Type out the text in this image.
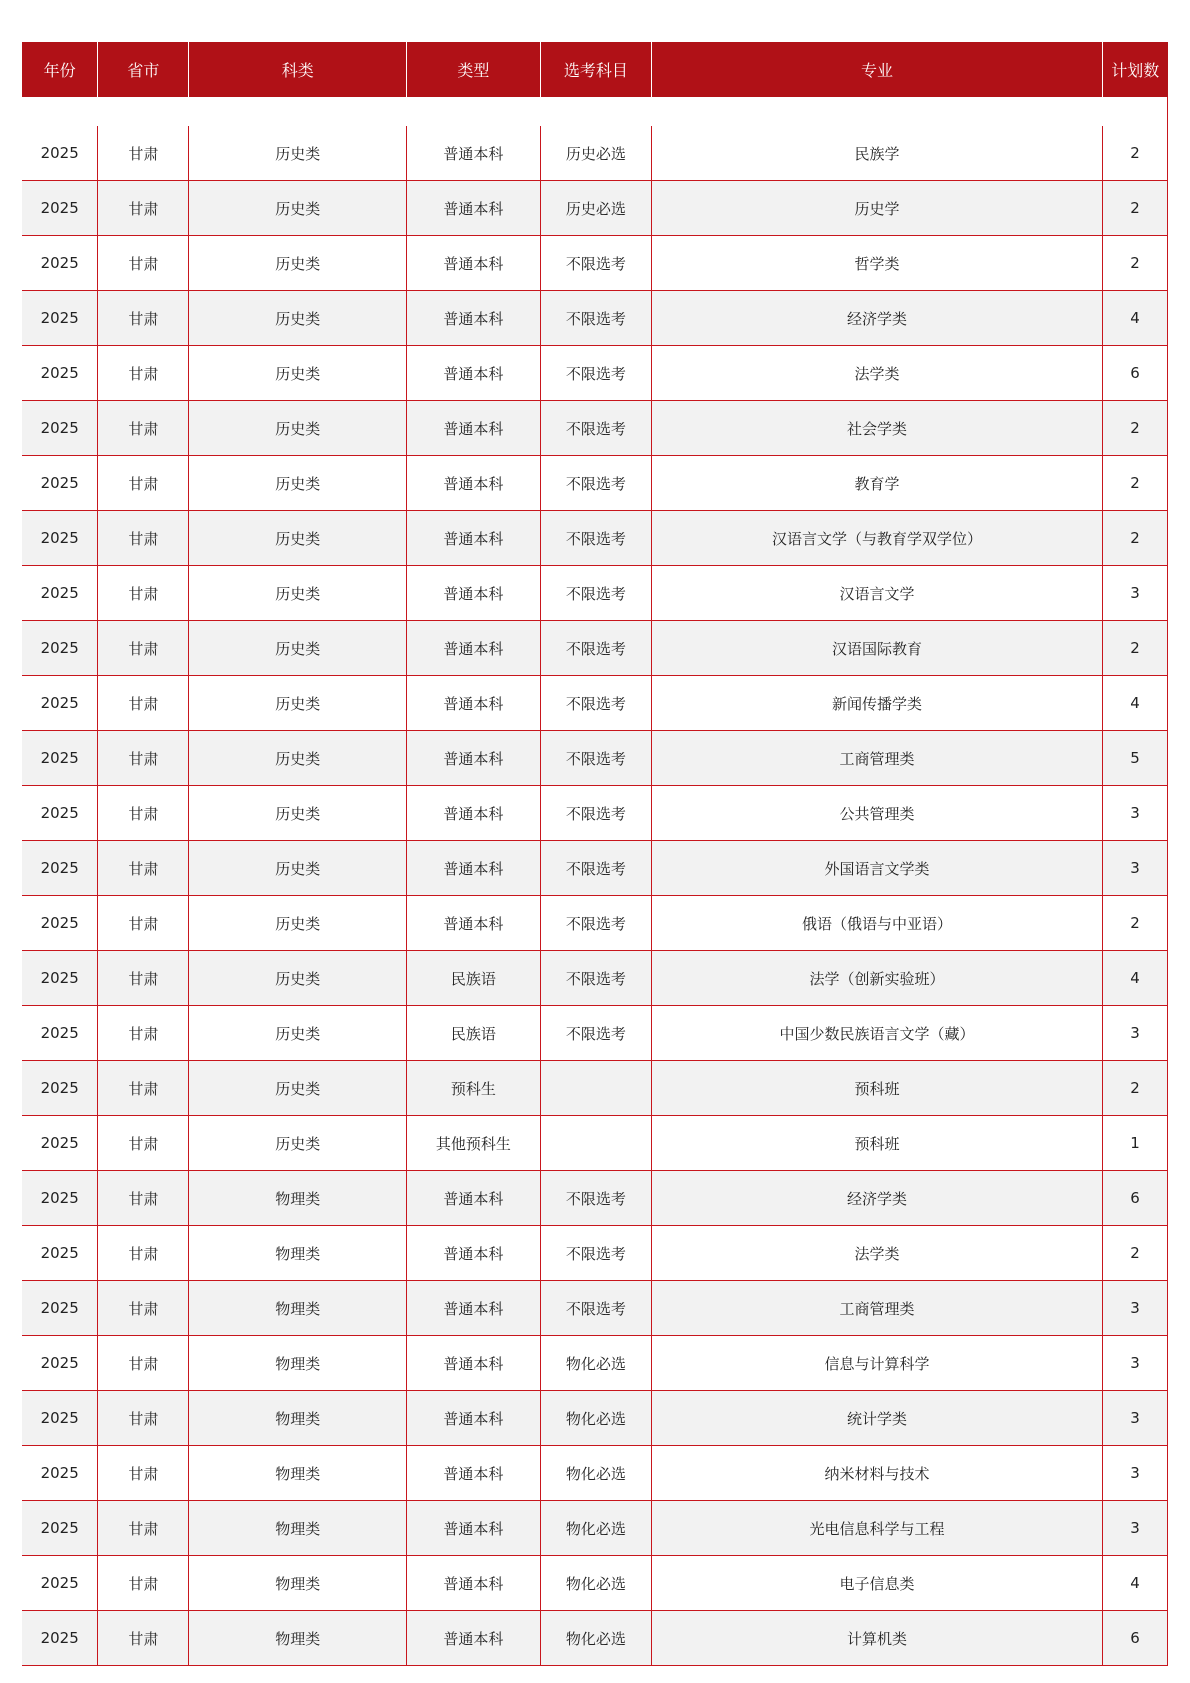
年份	省市	科类	类型	选考科目	专业	计划数

2025	甘肃	历史类	普通本科	历史必选	民族学	2
2025	甘肃	历史类	普通本科	历史必选	历史学	2
2025	甘肃	历史类	普通本科	不限选考	哲学类	2
2025	甘肃	历史类	普通本科	不限选考	经济学类	4
2025	甘肃	历史类	普通本科	不限选考	法学类	6
2025	甘肃	历史类	普通本科	不限选考	社会学类	2
2025	甘肃	历史类	普通本科	不限选考	教育学	2
2025	甘肃	历史类	普通本科	不限选考	汉语言文学（与教育学双学位）	2
2025	甘肃	历史类	普通本科	不限选考	汉语言文学	3
2025	甘肃	历史类	普通本科	不限选考	汉语国际教育	2
2025	甘肃	历史类	普通本科	不限选考	新闻传播学类	4
2025	甘肃	历史类	普通本科	不限选考	工商管理类	5
2025	甘肃	历史类	普通本科	不限选考	公共管理类	3
2025	甘肃	历史类	普通本科	不限选考	外国语言文学类	3
2025	甘肃	历史类	普通本科	不限选考	俄语（俄语与中亚语）	2
2025	甘肃	历史类	民族语	不限选考	法学（创新实验班）	4
2025	甘肃	历史类	民族语	不限选考	中国少数民族语言文学（藏）	3
2025	甘肃	历史类	预科生		预科班	2
2025	甘肃	历史类	其他预科生		预科班	1
2025	甘肃	物理类	普通本科	不限选考	经济学类	6
2025	甘肃	物理类	普通本科	不限选考	法学类	2
2025	甘肃	物理类	普通本科	不限选考	工商管理类	3
2025	甘肃	物理类	普通本科	物化必选	信息与计算科学	3
2025	甘肃	物理类	普通本科	物化必选	统计学类	3
2025	甘肃	物理类	普通本科	物化必选	纳米材料与技术	3
2025	甘肃	物理类	普通本科	物化必选	光电信息科学与工程	3
2025	甘肃	物理类	普通本科	物化必选	电子信息类	4
2025	甘肃	物理类	普通本科	物化必选	计算机类	6
